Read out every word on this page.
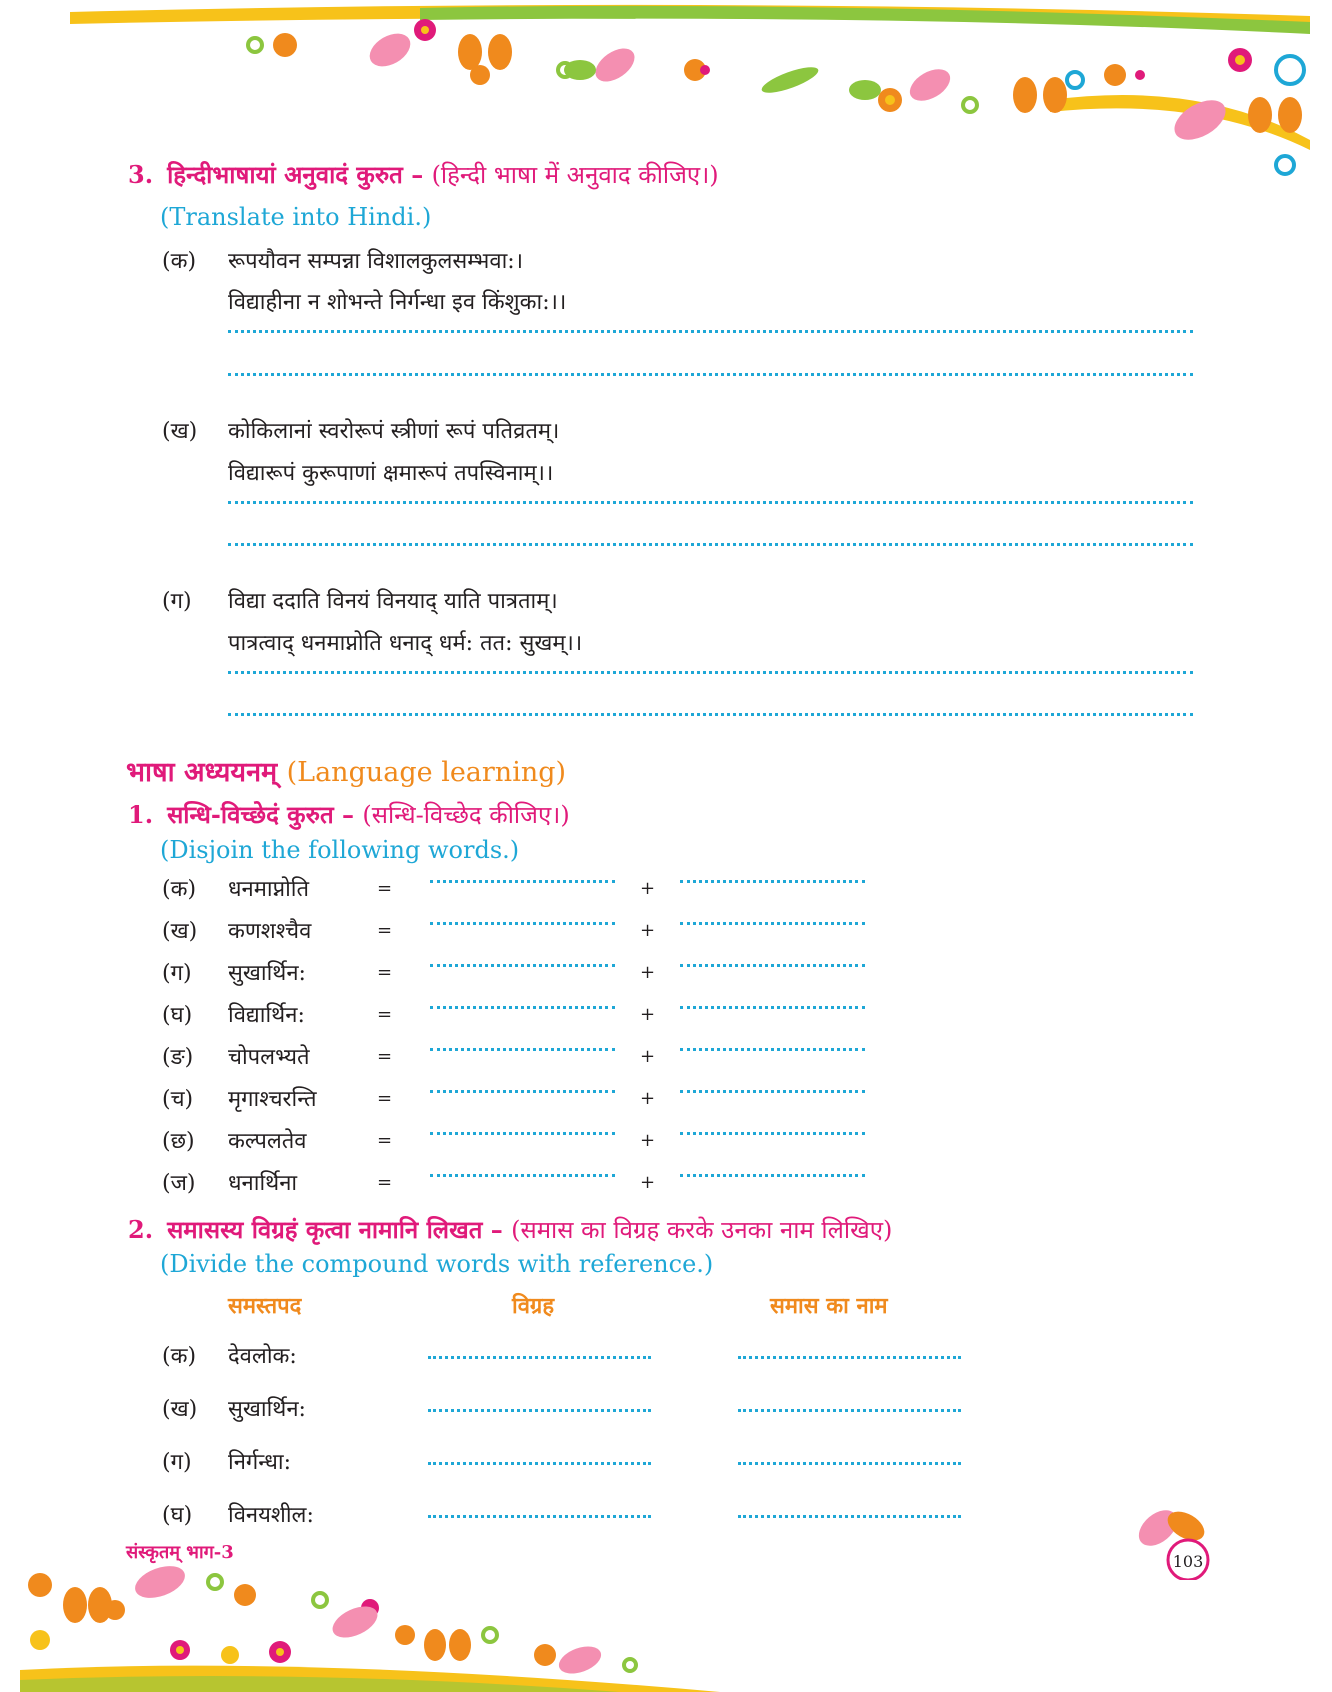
3. हिन्दीभाषायां अनुवादं कुरुत – (हिन्दी भाषा में अनुवाद कीजिए।)
(Translate into Hindi.)
(क) रूपयौवन सम्पन्ना विशालकुलसम्भवा:।
विद्याहीना न शोभन्ते निर्गन्धा इव किंशुका:।।
(ख) कोकिलानां स्वरोरूपं स्त्रीणां रूपं पतिव्रतम्।
विद्यारूपं कुरूपाणां क्षमारूपं तपस्विनाम्।।
(ग) विद्या ददाति विनयं विनयाद् याति पात्रताम्।
पात्रत्वाद् धनमाप्नोति धनाद् धर्म: तत: सुखम्।।
भाषा अध्ययनम् (Language learning)
1. सन्धि-विच्छेदं कुरुत – (सन्धि-विच्छेद कीजिए।)
(Disjoin the following words.)
(क) धनमाप्नोति	=	+
(ख) कणशश्चैव	=	+
(ग) सुखार्थिन:	=	+
(घ) विद्यार्थिन:	=	+
(ङ) चोपलभ्यते	=	+
(च) मृगाश्चरन्ति	=	+
(छ) कल्पलतेव	=	+
(ज) धनार्थिना	=	+
2. समासस्य विग्रहं कृत्वा नामानि लिखत – (समास का विग्रह करके उनका नाम लिखिए)
(Divide the compound words with reference.)
समस्तपद	विग्रह	समास का नाम
(क) देवलोक:
(ख) सुखार्थिन:
(ग) निर्गन्धा:
(घ) विनयशील:
संस्कृतम् भाग-3	103
